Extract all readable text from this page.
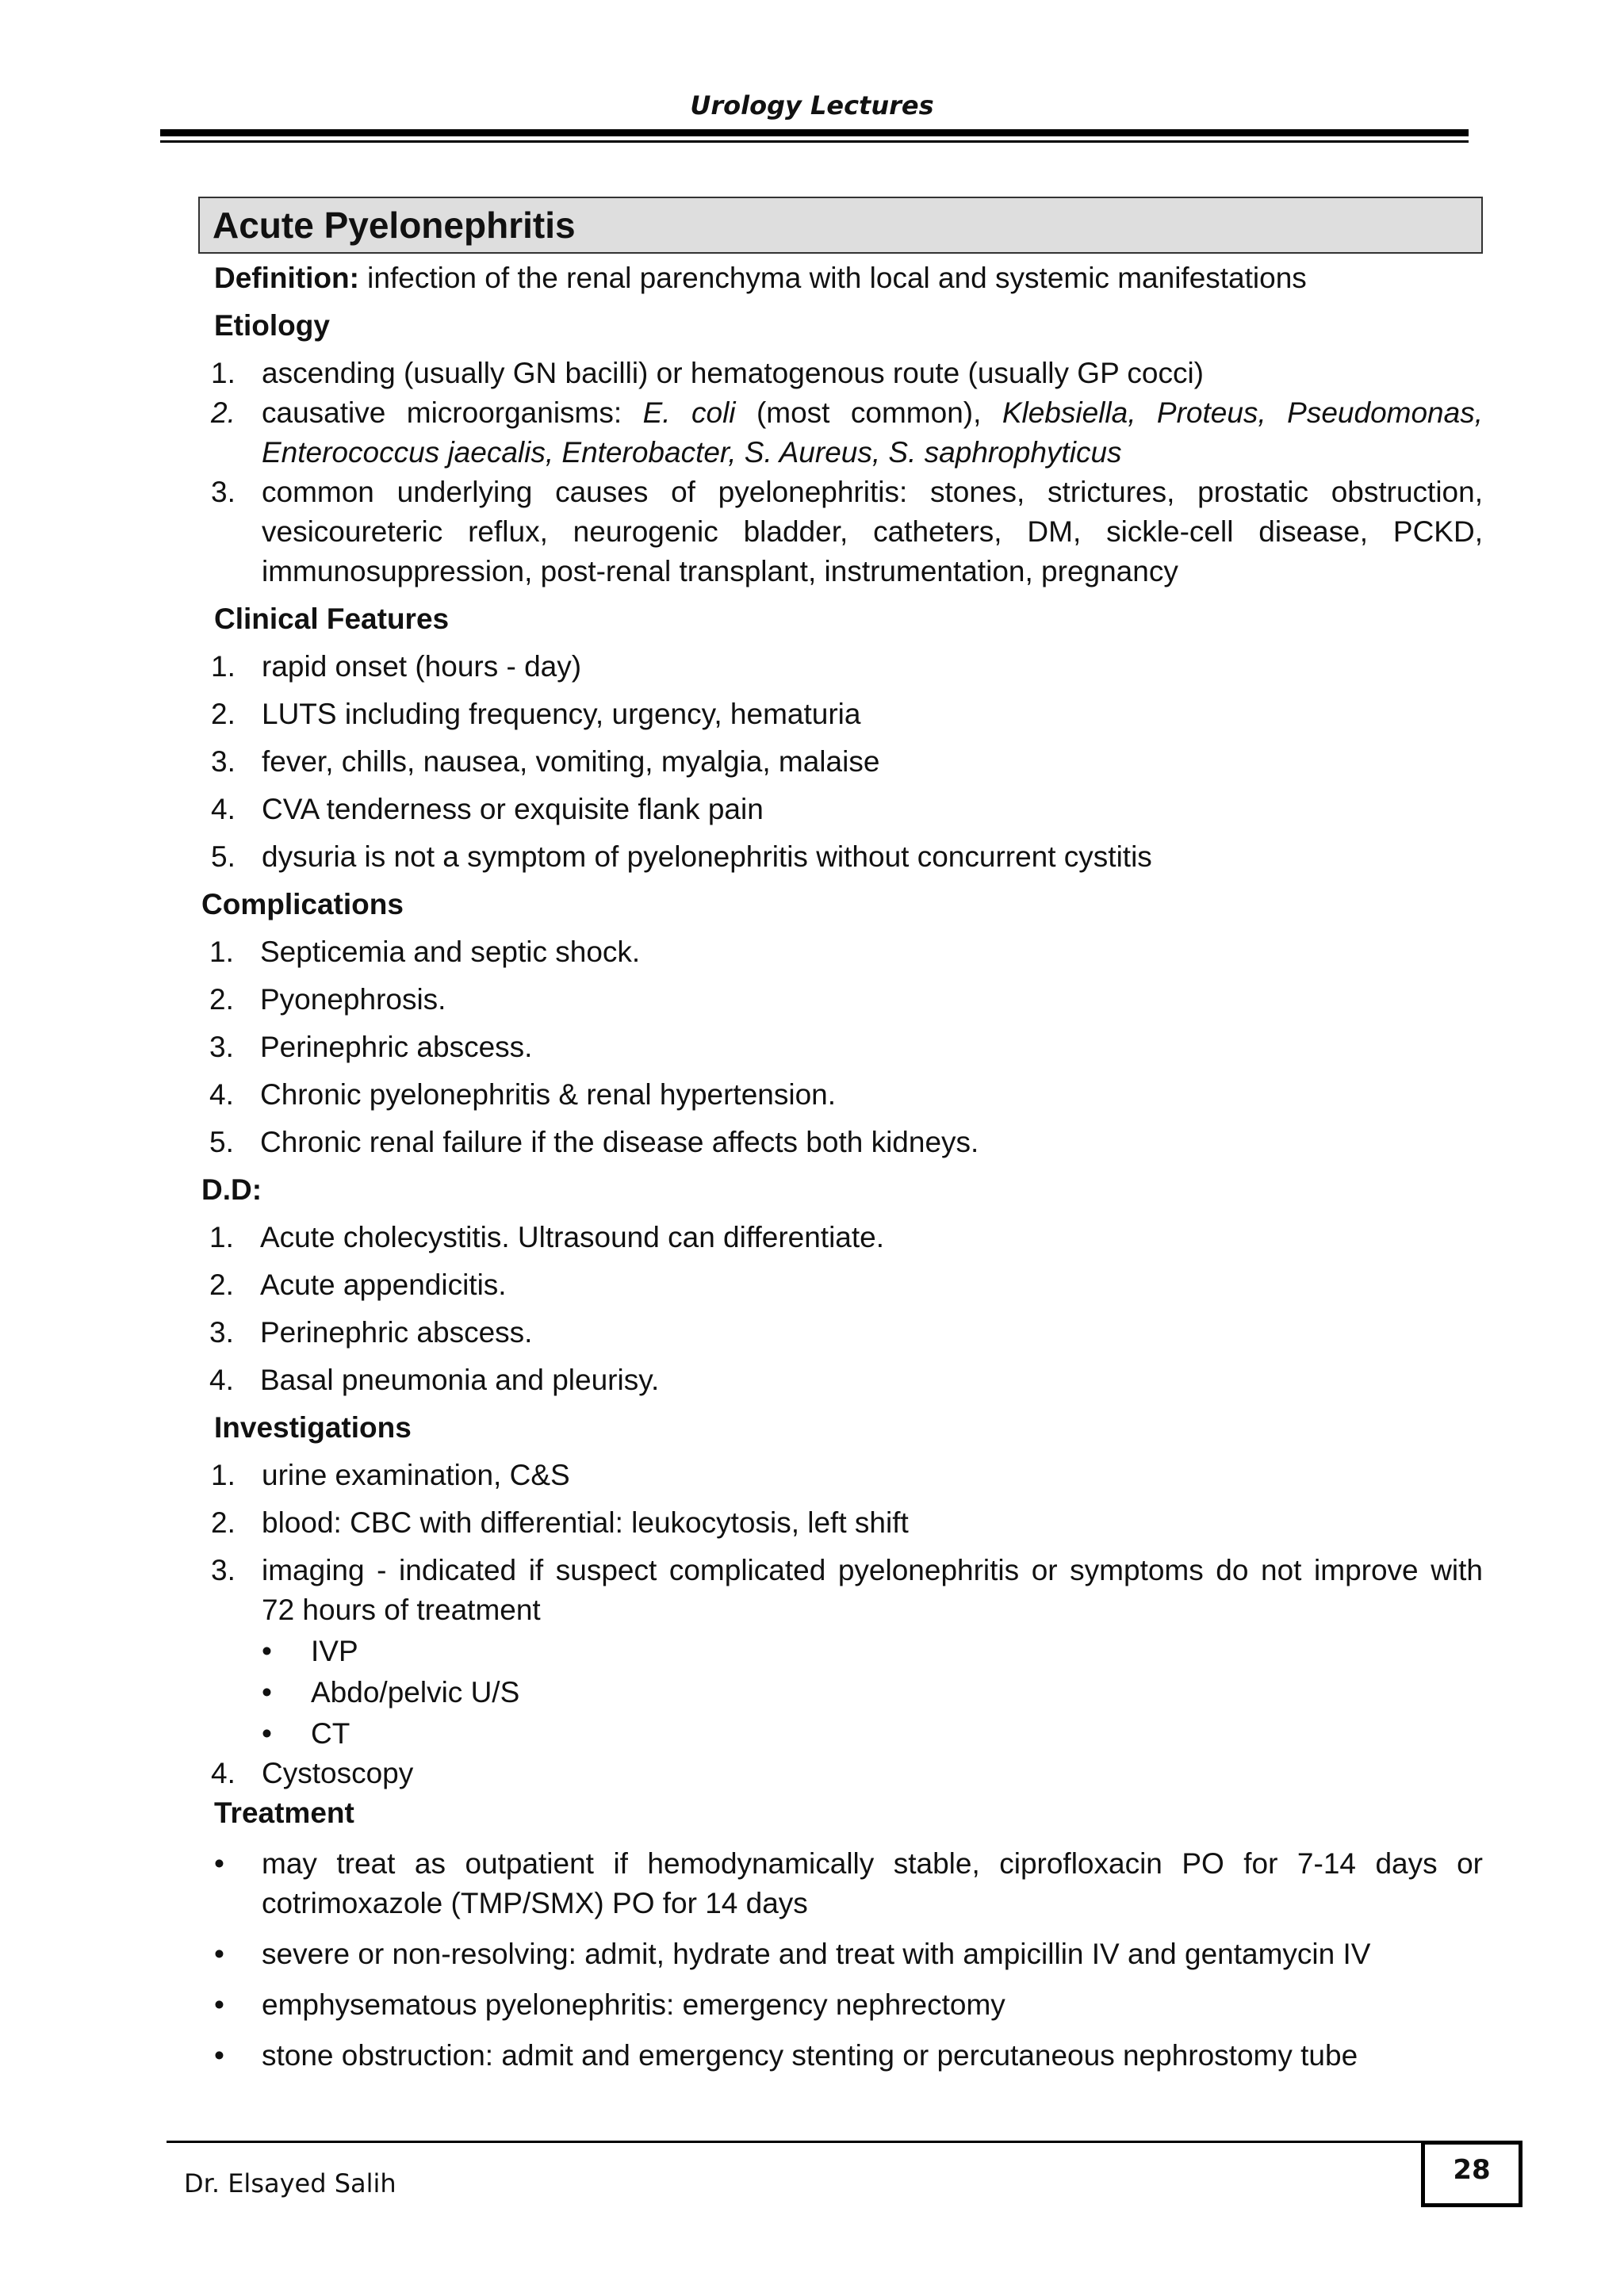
Urology Lectures
Acute Pyelonephritis
Definition: infection of the renal parenchyma with local and systemic manifestations
Etiology
1. ascending (usually GN bacilli) or hematogenous route (usually GP cocci)
2. causative microorganisms: E. coli (most common), Klebsiella, Proteus, Pseudomonas,
Enterococcus jaecalis, Enterobacter, S. Aureus, S. saphrophyticus
3. common underlying causes of pyelonephritis: stones, strictures, prostatic obstruction,
vesicoureteric reflux, neurogenic bladder, catheters, DM, sickle-cell disease, PCKD,
immunosuppression, post-renal transplant, instrumentation, pregnancy
Clinical Features
1. rapid onset (hours - day)
2. LUTS including frequency, urgency, hematuria
3. fever, chills, nausea, vomiting, myalgia, malaise
4. CVA tenderness or exquisite flank pain
5. dysuria is not a symptom of pyelonephritis without concurrent cystitis
Complications
1. Septicemia and septic shock.
2. Pyonephrosis.
3. Perinephric abscess.
4. Chronic pyelonephritis & renal hypertension.
5. Chronic renal failure if the disease affects both kidneys.
D.D:
1. Acute cholecystitis. Ultrasound can differentiate.
2. Acute appendicitis.
3. Perinephric abscess.
4. Basal pneumonia and pleurisy.
Investigations
1. urine examination, C&S
2. blood: CBC with differential: leukocytosis, left shift
3. imaging - indicated if suspect complicated pyelonephritis or symptoms do not improve with
72 hours of treatment
• IVP
• Abdo/pelvic U/S
• CT
4. Cystoscopy
Treatment
• may treat as outpatient if hemodynamically stable, ciprofloxacin PO for 7-14 days or
cotrimoxazole (TMP/SMX) PO for 14 days
• severe or non-resolving: admit, hydrate and treat with ampicillin IV and gentamycin IV
• emphysematous pyelonephritis: emergency nephrectomy
• stone obstruction: admit and emergency stenting or percutaneous nephrostomy tube
Dr. Elsayed Salih	28
